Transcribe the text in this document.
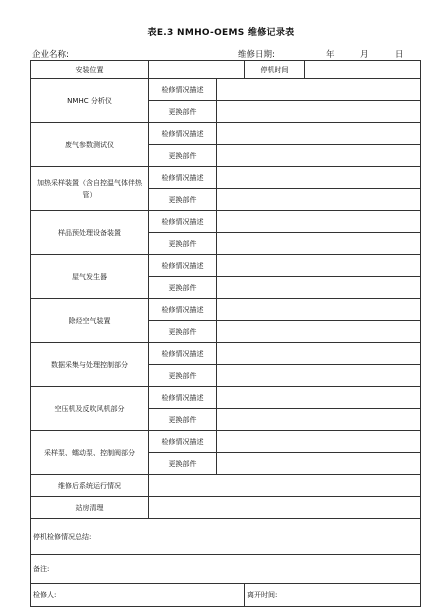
表E.3 NMHO-OEMS 维修记录表
企业名称:	维修日期:	年	月	日
安装位置			停机时间	
NMHC 分析仪	检修情况描述			
	更换部件			
废气参数测试仪	检修情况描述			
	更换部件			
加热采样装置（含自控温气体伴热管）	检修情况描述			
	更换部件			
样品预处理设备装置	检修情况描述			
	更换部件			
屋气发生器	检修情况描述			
	更换部件			
除烃空气装置	检修情况描述			
	更换部件			
数据采集与处理控制部分	检修情况描述			
	更换部件			
空压机及反吹风机部分	检修情况描述			
	更换部件			
采样泵、蠕动泵、控制阀部分	检修情况描述			
	更换部件			
维修后系统运行情况				
站房清理				
停机检修情况总结:				
备注:				
检修人:			离开时间:	
